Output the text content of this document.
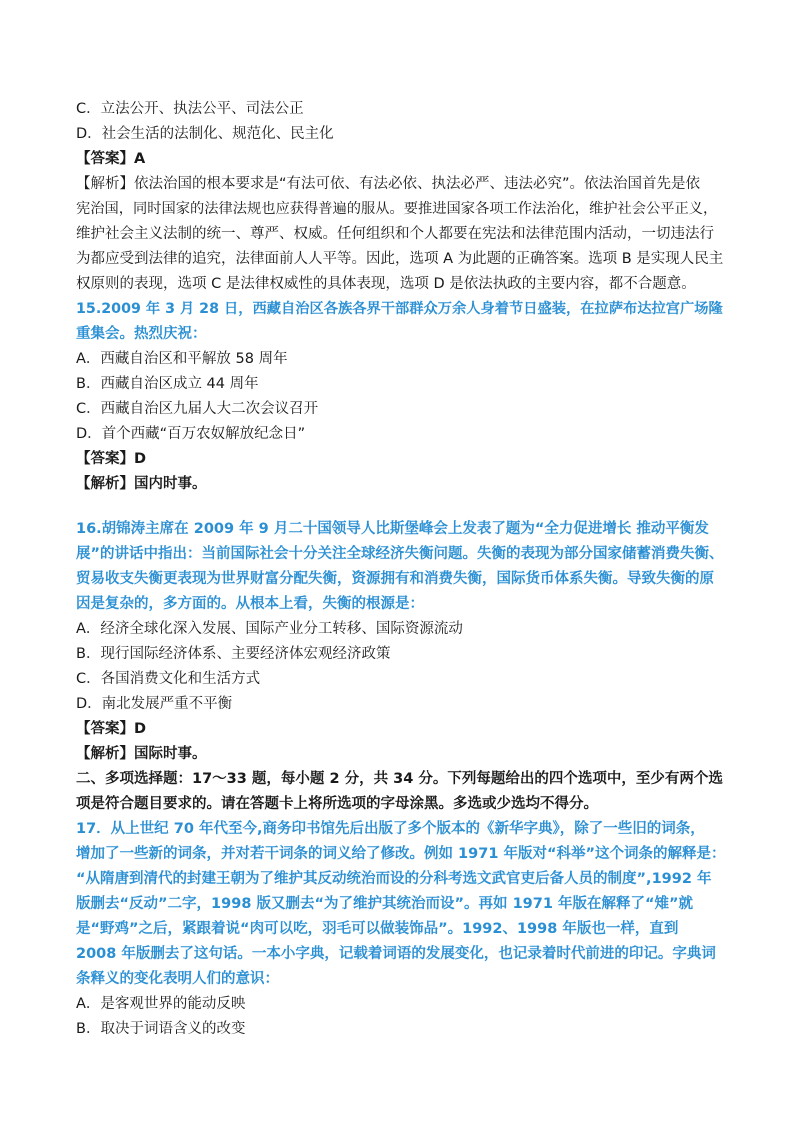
C．立法公开、执法公平、司法公正
D．社会生活的法制化、规范化、民主化
【答案】A
【解析】依法治国的根本要求是“有法可依、有法必依、执法必严、违法必究”。依法治国首先是依
宪治国，同时国家的法律法规也应获得普遍的服从。要推进国家各项工作法治化，维护社会公平正义，
维护社会主义法制的统一、尊严、权威。任何组织和个人都要在宪法和法律范围内活动，一切违法行
为都应受到法律的追究，法律面前人人平等。因此，选项 A 为此题的正确答案。选项 B 是实现人民主
权原则的表现，选项 C 是法律权威性的具体表现，选项 D 是依法执政的主要内容，都不合题意。
15.2009 年 3 月 28 日，西藏自治区各族各界干部群众万余人身着节日盛装，在拉萨布达拉宫广场隆
重集会。热烈庆祝：
A．西藏自治区和平解放 58 周年
B．西藏自治区成立 44 周年
C．西藏自治区九届人大二次会议召开
D．首个西藏“百万农奴解放纪念日”
【答案】D
【解析】国内时事。
16.胡锦涛主席在 2009 年 9 月二十国领导人比斯堡峰会上发表了题为“全力促进增长 推动平衡发
展”的讲话中指出：当前国际社会十分关注全球经济失衡问题。失衡的表现为部分国家储蓄消费失衡、
贸易收支失衡更表现为世界财富分配失衡，资源拥有和消费失衡，国际货币体系失衡。导致失衡的原
因是复杂的，多方面的。从根本上看，失衡的根源是：
A．经济全球化深入发展、国际产业分工转移、国际资源流动
B．现行国际经济体系、主要经济体宏观经济政策
C．各国消费文化和生活方式
D．南北发展严重不平衡
【答案】D
【解析】国际时事。
二、多项选择题：17～33 题，每小题 2 分，共 34 分。下列每题给出的四个选项中，至少有两个选
项是符合题目要求的。请在答题卡上将所选项的字母涂黑。多选或少选均不得分。
17．从上世纪 70 年代至今,商务印书馆先后出版了多个版本的《新华字典》，除了一些旧的词条，
增加了一些新的词条，并对若干词条的词义给了修改。例如 1971 年版对“科举”这个词条的解释是：
“从隋唐到清代的封建王朝为了维护其反动统治而设的分科考选文武官吏后备人员的制度”,1992 年
版删去“反动”二字，1998 版又删去“为了维护其统治而设”。再如 1971 年版在解释了“雉”就
是“野鸡”之后，紧跟着说“肉可以吃，羽毛可以做装饰品”。1992、1998 年版也一样，直到
2008 年版删去了这句话。一本小字典，记载着词语的发展变化，也记录着时代前进的印记。字典词
条释义的变化表明人们的意识：
A．是客观世界的能动反映
B．取决于词语含义的改变
